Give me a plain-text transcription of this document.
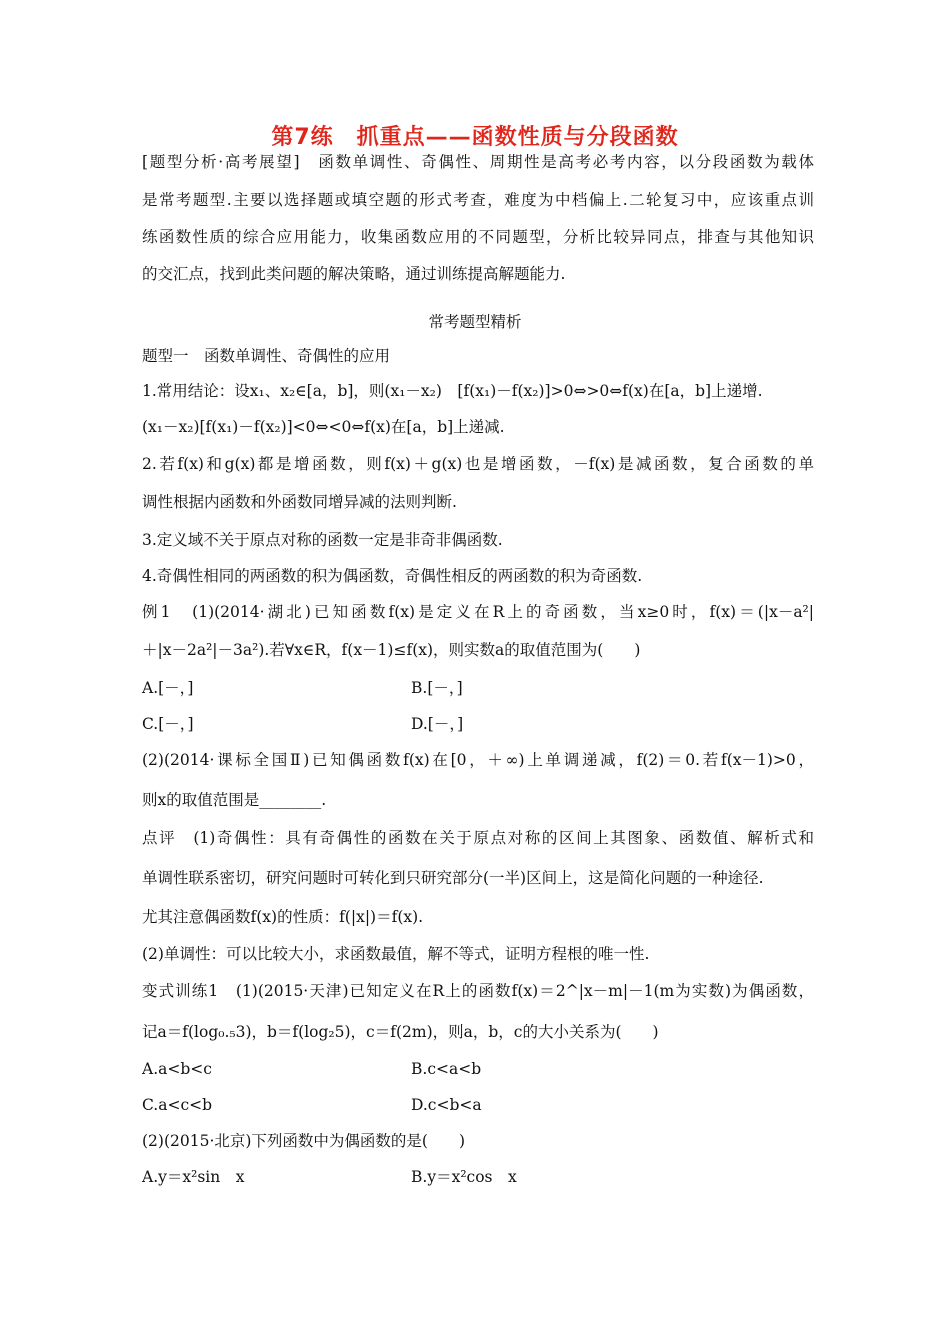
第7练　抓重点——函数性质与分段函数
[题型分析·高考展望]　函数单调性、奇偶性、周期性是高考必考内容，以分段函数为载体
是常考题型.主要以选择题或填空题的形式考查，难度为中档偏上.二轮复习中，应该重点训
练函数性质的综合应用能力，收集函数应用的不同题型，分析比较异同点，排查与其他知识
的交汇点，找到此类问题的解决策略，通过训练提高解题能力.
常考题型精析
题型一　函数单调性、奇偶性的应用
1.常用结论：设x₁、x₂∈[a，b]，则(x₁－x₂)　[f(x₁)－f(x₂)]>0⇔>0⇔f(x)在[a，b]上递增.
(x₁－x₂)[f(x₁)－f(x₂)]<0⇔<0⇔f(x)在[a，b]上递减.
2.若f(x)和g(x)都是增函数，则f(x)＋g(x)也是增函数，－f(x)是减函数，复合函数的单
调性根据内函数和外函数同增异减的法则判断.
3.定义域不关于原点对称的函数一定是非奇非偶函数.
4.奇偶性相同的两函数的积为偶函数，奇偶性相反的两函数的积为奇函数.
例1　(1)(2014·湖北)已知函数f(x)是定义在R上的奇函数，当x≥0时，f(x)＝(|x－a²|
＋|x－2a²|－3a²).若∀x∈R，f(x－1)≤f(x)，则实数a的取值范围为(　　)
A.[－，]	B.[－，]
C.[－，]	D.[－，]
(2)(2014·课标全国Ⅱ)已知偶函数f(x)在[0，＋∞)上单调递减，f(2)＝0.若f(x－1)>0，
则x的取值范围是________.
点评　(1)奇偶性：具有奇偶性的函数在关于原点对称的区间上其图象、函数值、解析式和
单调性联系密切，研究问题时可转化到只研究部分(一半)区间上，这是简化问题的一种途径.
尤其注意偶函数f(x)的性质：f(|x|)＝f(x).
(2)单调性：可以比较大小，求函数最值，解不等式，证明方程根的唯一性.
变式训练1　(1)(2015·天津)已知定义在R上的函数f(x)＝2^|x－m|－1(m为实数)为偶函数，
记a＝f(log₀.₅3)，b＝f(log₂5)，c＝f(2m)，则a，b，c的大小关系为(　　)
A.a<b<c	B.c<a<b
C.a<c<b	D.c<b<a
(2)(2015·北京)下列函数中为偶函数的是(　　)
A.y＝x²sin　x	B.y＝x²cos　x
